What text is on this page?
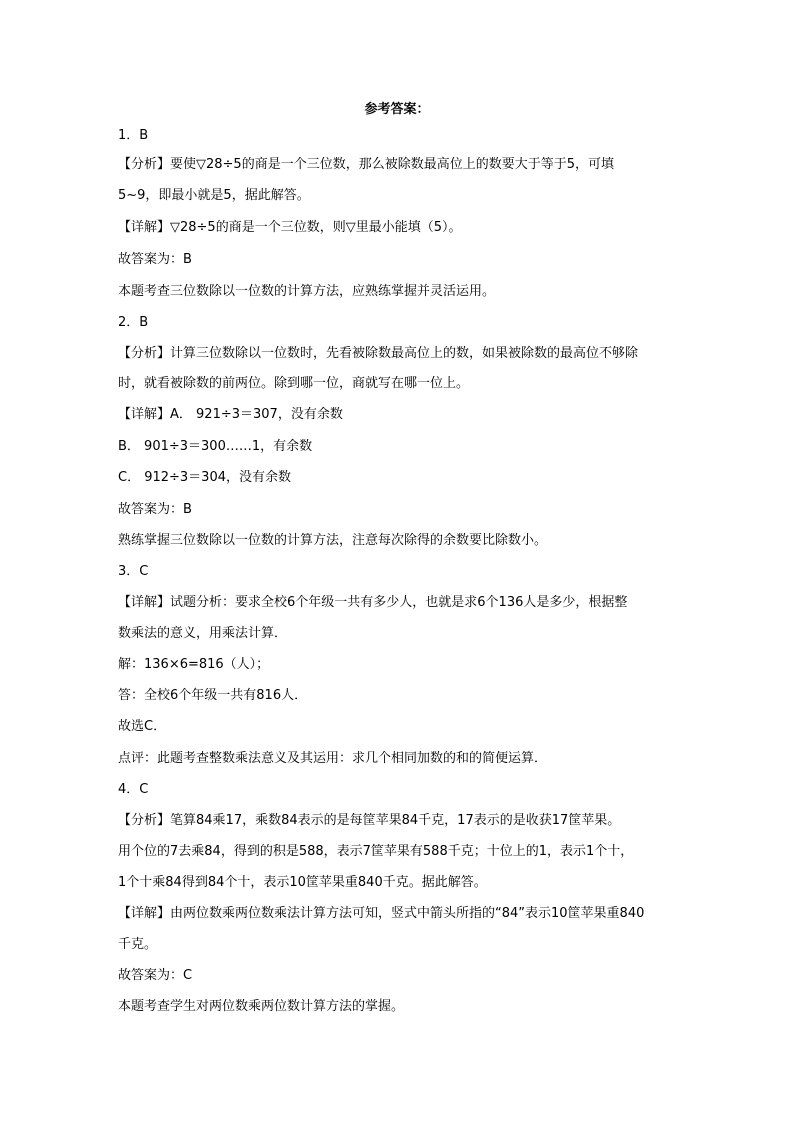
参考答案：
1．B
【分析】要使▽28÷5的商是一个三位数，那么被除数最高位上的数要大于等于5，可填
5~9，即最小就是5，据此解答。
【详解】▽28÷5的商是一个三位数，则▽里最小能填（5）。
故答案为：B
本题考查三位数除以一位数的计算方法，应熟练掌握并灵活运用。
2．B
【分析】计算三位数除以一位数时，先看被除数最高位上的数，如果被除数的最高位不够除
时，就看被除数的前两位。除到哪一位，商就写在哪一位上。
【详解】A． 921÷3＝307，没有余数
B． 901÷3＝300……1，有余数
C． 912÷3＝304，没有余数
故答案为：B
熟练掌握三位数除以一位数的计算方法，注意每次除得的余数要比除数小。
3．C
【详解】试题分析：要求全校6个年级一共有多少人，也就是求6个136人是多少，根据整
数乘法的意义，用乘法计算．
解：136×6=816（人）；
答：全校6个年级一共有816人．
故选C．
点评：此题考查整数乘法意义及其运用：求几个相同加数的和的简便运算．
4．C
【分析】笔算84乘17，乘数84表示的是每筐苹果84千克，17表示的是收获17筐苹果。
用个位的7去乘84，得到的积是588，表示7筐苹果有588千克；十位上的1，表示1个十，
1个十乘84得到84个十，表示10筐苹果重840千克。据此解答。
【详解】由两位数乘两位数乘法计算方法可知，竖式中箭头所指的“84”表示10筐苹果重840
千克。
故答案为：C
本题考查学生对两位数乘两位数计算方法的掌握。
